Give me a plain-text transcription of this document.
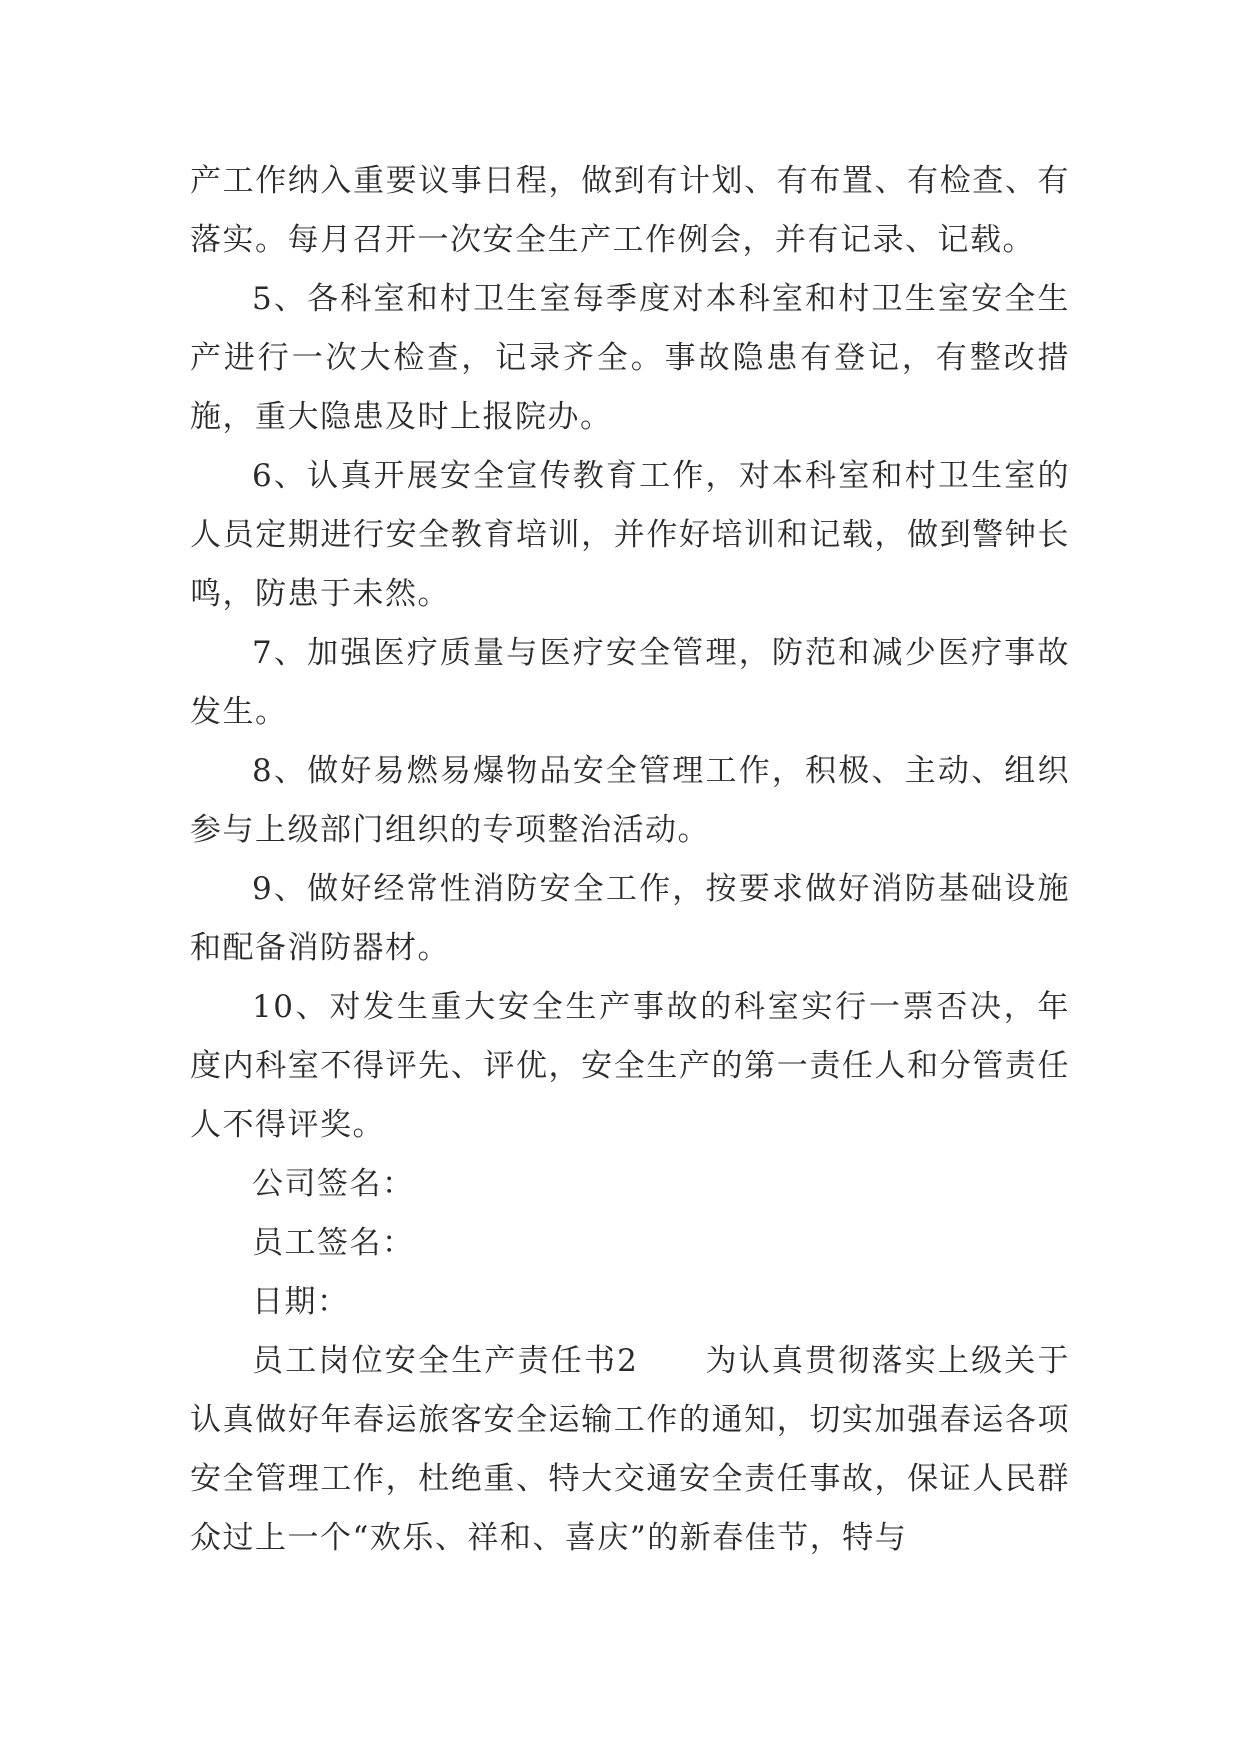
产工作纳入重要议事日程，做到有计划、有布置、有检查、有落实。每月召开一次安全生产工作例会，并有记录、记载。

5、各科室和村卫生室每季度对本科室和村卫生室安全生产进行一次大检查，记录齐全。事故隐患有登记，有整改措施，重大隐患及时上报院办。

6、认真开展安全宣传教育工作，对本科室和村卫生室的人员定期进行安全教育培训，并作好培训和记载，做到警钟长鸣，防患于未然。

7、加强医疗质量与医疗安全管理，防范和减少医疗事故发生。

8、做好易燃易爆物品安全管理工作，积极、主动、组织参与上级部门组织的专项整治活动。

9、做好经常性消防安全工作，按要求做好消防基础设施和配备消防器材。

10、对发生重大安全生产事故的科室实行一票否决，年度内科室不得评先、评优，安全生产的第一责任人和分管责任人不得评奖。

公司签名：

员工签名：

日期：

员工岗位安全生产责任书2　　为认真贯彻落实上级关于认真做好年春运旅客安全运输工作的通知，切实加强春运各项安全管理工作，杜绝重、特大交通安全责任事故，保证人民群众过上一个“欢乐、祥和、喜庆”的新春佳节，特与
